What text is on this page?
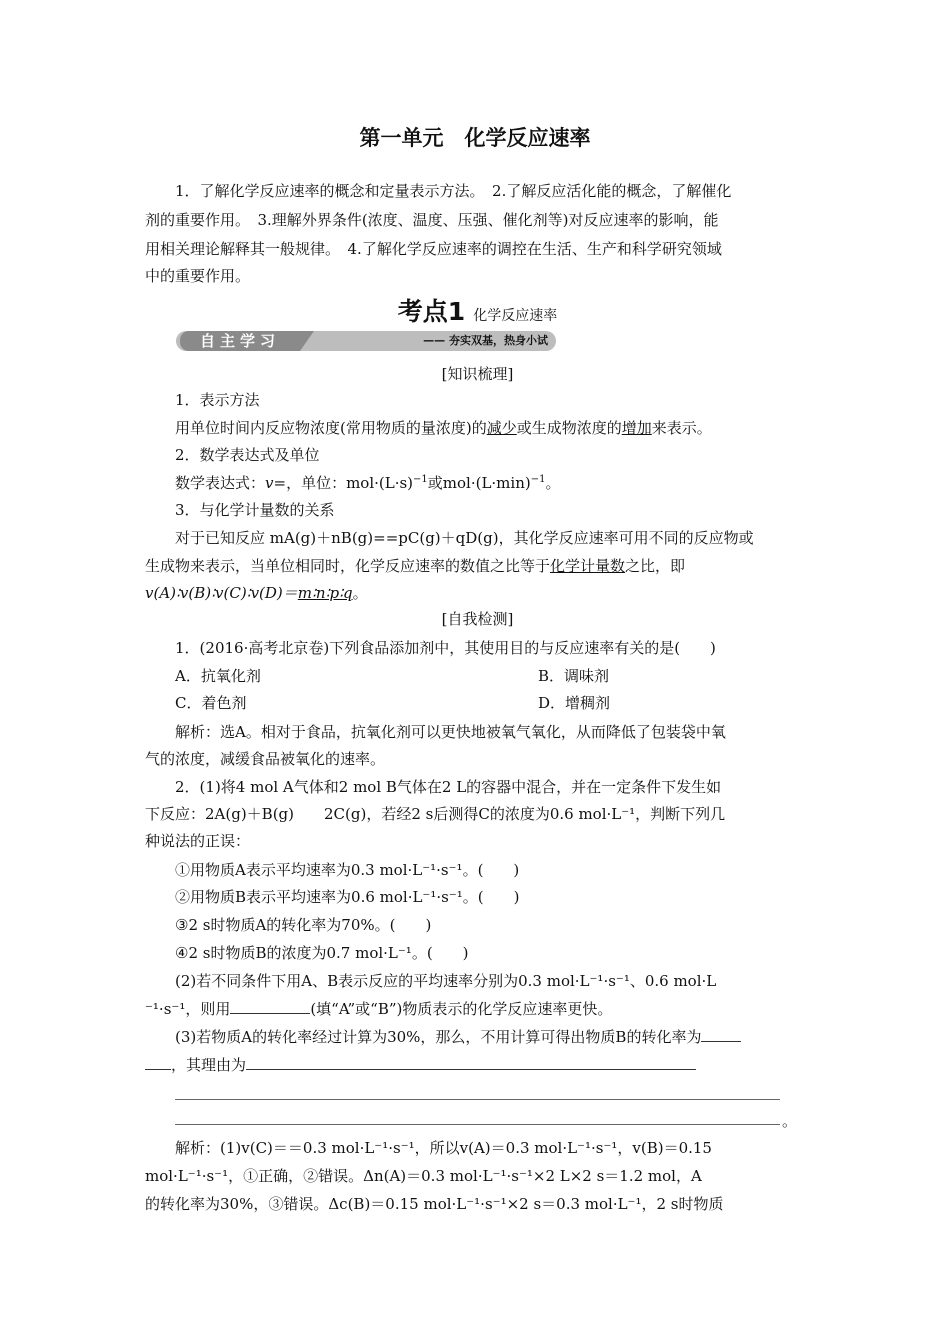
第一单元　化学反应速率
1．了解化学反应速率的概念和定量表示方法。　2.了解反应活化能的概念，了解催化
剂的重要作用。　3.理解外界条件(浓度、温度、压强、催化剂等)对反应速率的影响，能
用相关理论解释其一般规律。　4.了解化学反应速率的调控在生活、生产和科学研究领域
中的重要作用。
考点1 化学反应速率
自主学习	—— 夯实双基，热身小试
[知识梳理]
1．表示方法
用单位时间内反应物浓度(常用物质的量浓度)的减少或生成物浓度的增加来表示。
2．数学表达式及单位
数学表达式：v=，单位：$mol\cdot(L\cdot s)^{-1}$或$mol\cdot(L\cdot\min)^{-1}$。
3．与化学计量数的关系
对于已知反应 mA(g)＋nB(g)==pC(g)＋qD(g)，其化学反应速率可用不同的反应物或
生成物来表示，当单位相同时，化学反应速率的数值之比等于化学计量数之比，即
v(A)∶v(B)∶v(C)∶v(D)＝m∶n∶p∶q。
[自我检测]
1．(2016·高考北京卷)下列食品添加剂中，其使用目的与反应速率有关的是(　　)
A．抗氧化剂	B．调味剂
C．着色剂	D．增稠剂
解析：选A。相对于食品，抗氧化剂可以更快地被氧气氧化，从而降低了包装袋中氧
气的浓度，减缓食品被氧化的速率。
2．(1)将4 mol A气体和2 mol B气体在2 L的容器中混合，并在一定条件下发生如
下反应：2A(g)＋B(g)　　2C(g)，若经2 s后测得C的浓度为0.6 mol·L⁻¹，判断下列几
种说法的正误：
①用物质A表示平均速率为0.3 mol·L⁻¹·s⁻¹。(　　)
②用物质B表示平均速率为0.6 mol·L⁻¹·s⁻¹。(　　)
③2 s时物质A的转化率为70%。(　　)
④2 s时物质B的浓度为0.7 mol·L⁻¹。(　　)
(2)若不同条件下用A、B表示反应的平均速率分别为0.3 mol·L⁻¹·s⁻¹、0.6 mol·L
⁻¹·s⁻¹，则用	(填“A”或“B”)物质表示的化学反应速率更快。
(3)若物质A的转化率经过计算为30%，那么，不用计算可得出物质B的转化率为
，其理由为
。
解析：(1)v(C)＝＝0.3 mol·L⁻¹·s⁻¹，所以v(A)＝0.3 mol·L⁻¹·s⁻¹，v(B)＝0.15
mol·L⁻¹·s⁻¹，①正确，②错误。Δn(A)＝0.3 mol·L⁻¹·s⁻¹×2 L×2 s＝1.2 mol，A
的转化率为30%，③错误。Δc(B)＝0.15 mol·L⁻¹·s⁻¹×2 s＝0.3 mol·L⁻¹，2 s时物质
